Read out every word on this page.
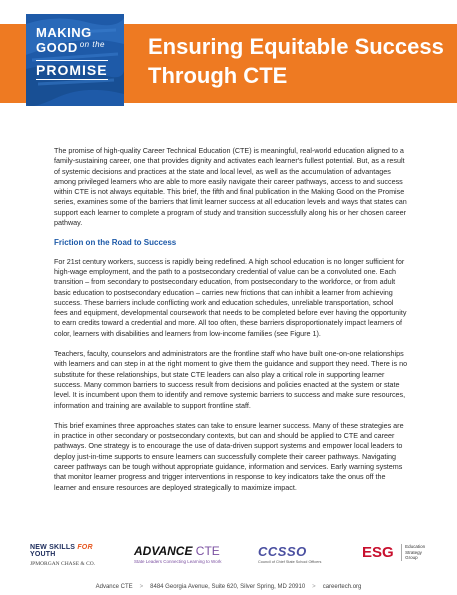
MAKING
GOOD $^{on the}$
PROMISE
Ensuring Equitable Success Through CTE

The promise of high-quality Career Technical Education (CTE) is meaningful, real-world education aligned to a family-sustaining career, one that provides dignity and activates each learner's fullest potential. But, as a result of systemic decisions and practices at the state and local level, as well as the accumulation of advantages among privileged learners who are able to more easily navigate their career pathways, access to and success within CTE is not always equitable. This brief, the fifth and final publication in the Making Good on the Promise series, examines some of the barriers that limit learner success at all education levels and ways that states can support each learner to complete a program of study and transition successfully along his or her chosen career pathway.

Friction on the Road to Success

For 21st century workers, success is rapidly being redefined. A high school education is no longer sufficient for high-wage employment, and the path to a postsecondary credential of value can be a convoluted one. Each transition – from secondary to postsecondary education, from postsecondary to the workforce, or from adult basic education to postsecondary education – carries new frictions that can inhibit a learner from achieving success. These barriers include conflicting work and education schedules, unreliable transportation, school fees and equipment, developmental coursework that needs to be completed before ever having the opportunity to earn credits toward a credential and more. All too often, these barriers disproportionately impact learners of color, learners with disabilities and learners from low-income families (see Figure 1).

Teachers, faculty, counselors and administrators are the frontline staff who have built one-on-one relationships with learners and can step in at the right moment to give them the guidance and support they need. There is no substitute for these relationships, but state CTE leaders can also play a critical role in supporting learner success. Many common barriers to success result from decisions and policies enacted at the system or state level. It is incumbent upon them to identify and remove systemic barriers to success and make sure resources, information and training are available to support frontline staff.

This brief examines three approaches states can take to ensure learner success. Many of these strategies are in practice in other secondary or postsecondary contexts, but can and should be applied to CTE and career pathways. One strategy is to encourage the use of data-driven support systems and empower local leaders to deploy just-in-time supports to ensure learners can successfully complete their career pathways. Navigating career pathways can be tough without appropriate guidance, information and services. Early warning systems that monitor learner progress and trigger interventions in response to key indicators take the onus off the learner and ensure resources are deployed strategically to maximize impact.

NEW SKILLS FOR YOUTH
JPMORGAN CHASE & CO.
ADVANCE CTE
State Leaders Connecting Learning to Work
CCSSO
Council of Chief State School Officers
ESG	Education
Strategy
Group
Advance CTE > 8484 Georgia Avenue, Suite 620, Silver Spring, MD 20910 > careertech.org
